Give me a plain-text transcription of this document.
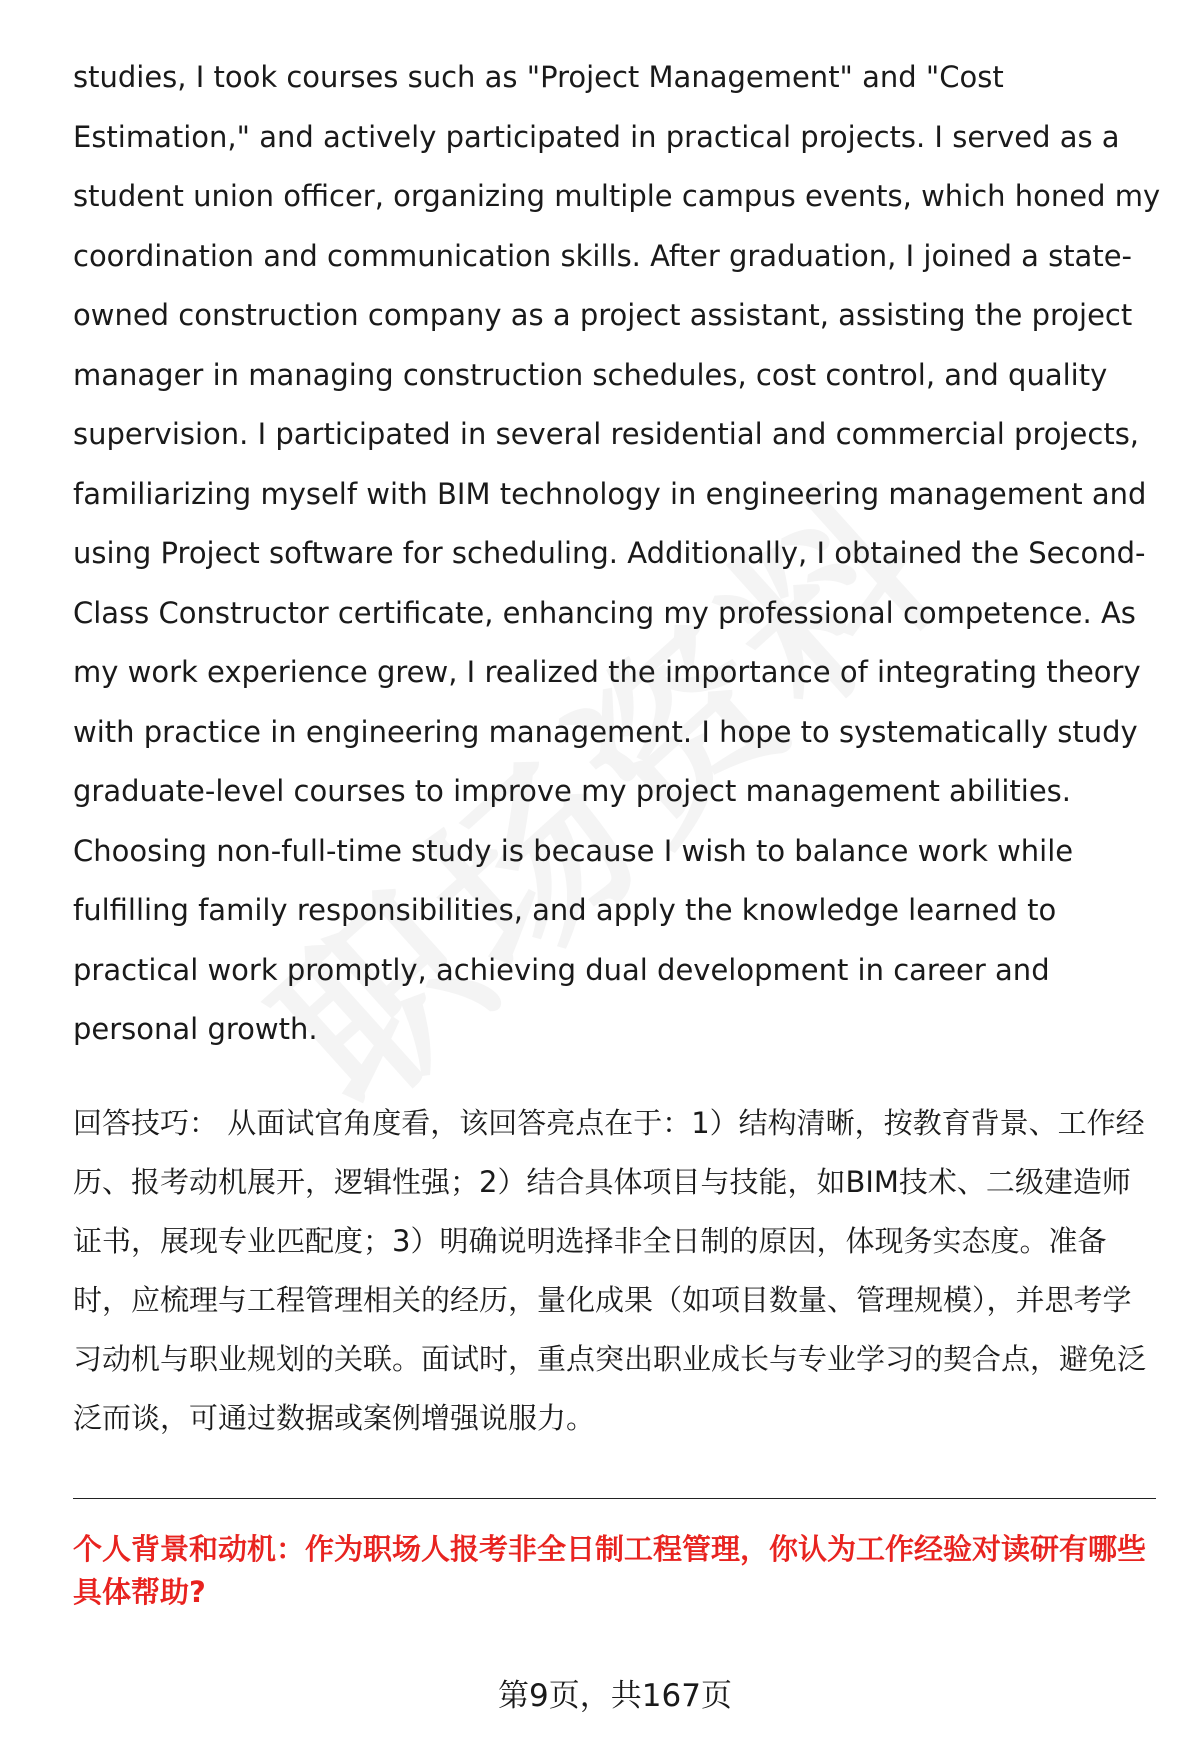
studies, I took courses such as "Project Management" and "Cost Estimation," and actively participated in practical projects. I served as a student union officer, organizing multiple campus events, which honed my coordination and communication skills. After graduation, I joined a state-owned construction company as a project assistant, assisting the project manager in managing construction schedules, cost control, and quality supervision. I participated in several residential and commercial projects, familiarizing myself with BIM technology in engineering management and using Project software for scheduling. Additionally, I obtained the Second-Class Constructor certificate, enhancing my professional competence. As my work experience grew, I realized the importance of integrating theory with practice in engineering management. I hope to systematically study graduate-level courses to improve my project management abilities. Choosing non-full-time study is because I wish to balance work while fulfilling family responsibilities, and apply the knowledge learned to practical work promptly, achieving dual development in career and personal growth.

回答技巧： 从面试官角度看，该回答亮点在于：1）结构清晰，按教育背景、工作经历、报考动机展开，逻辑性强；2）结合具体项目与技能，如BIM技术、二级建造师证书，展现专业匹配度；3）明确说明选择非全日制的原因，体现务实态度。准备时，应梳理与工程管理相关的经历，量化成果（如项目数量、管理规模），并思考学习动机与职业规划的关联。面试时，重点突出职业成长与专业学习的契合点，避免泛泛而谈，可通过数据或案例增强说服力。

个人背景和动机：作为职场人报考非全日制工程管理，你认为工作经验对读研有哪些具体帮助?

第9页，共167页
